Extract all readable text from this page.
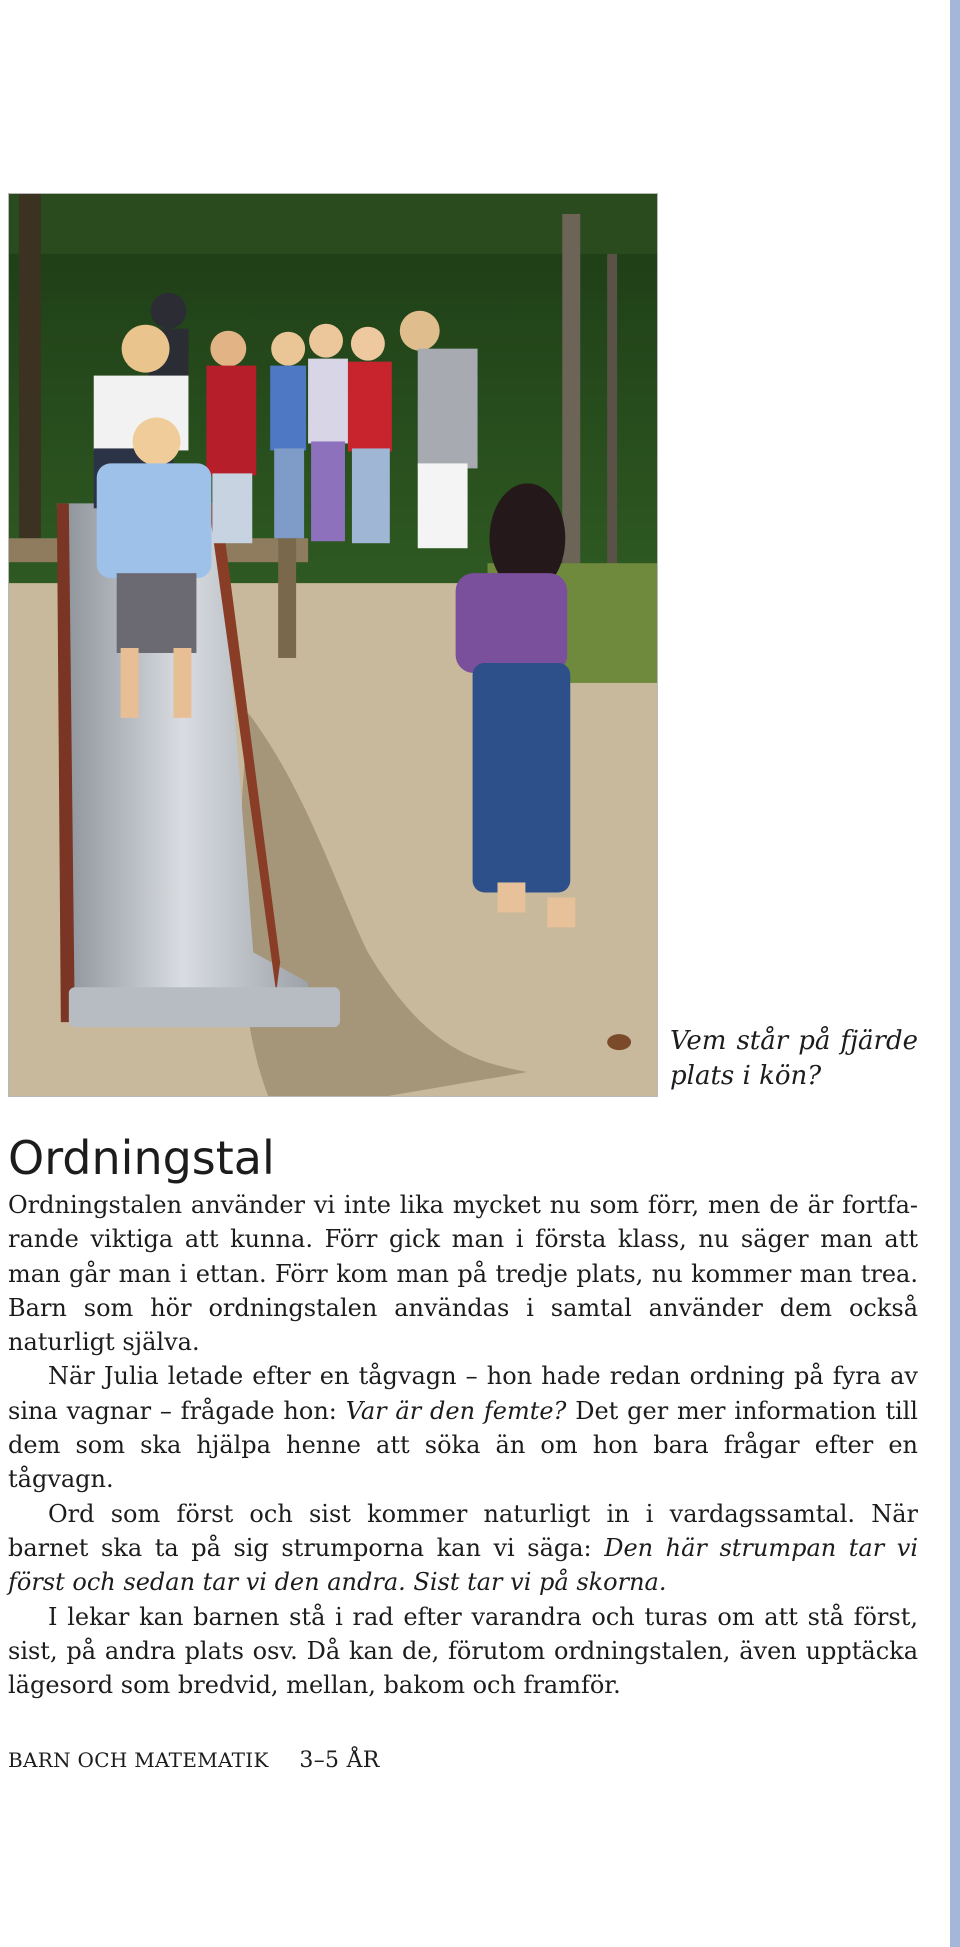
Vem står på fjärde plats i kön?
Ordningstal

Ordningstalen använder vi inte lika mycket nu som förr, men de är fortfarande viktiga att kunna. Förr gick man i första klass, nu säger man att man går man i ettan. Förr kom man på tredje plats, nu kommer man trea. Barn som hör ordningstalen användas i samtal använder dem också naturligt själva.

När Julia letade efter en tågvagn – hon hade redan ordning på fyra av sina vagnar – frågade hon: Var är den femte? Det ger mer information till dem som ska hjälpa henne att söka än om hon bara frågar efter en tågvagn.

Ord som först och sist kommer naturligt in i vardagssamtal. När barnet ska ta på sig strumporna kan vi säga: Den här strumpan tar vi först och sedan tar vi den andra. Sist tar vi på skorna.

I lekar kan barnen stå i rad efter varandra och turas om att stå först, sist, på andra plats osv. Då kan de, förutom ordningstalen, även upptäcka lägesord som bredvid, mellan, bakom och framför.

BARN OCH MATEMATIK 3–5 ÅR
